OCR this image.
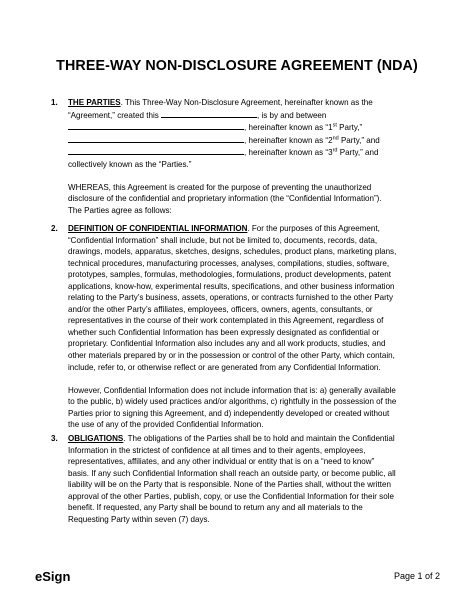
THREE-WAY NON-DISCLOSURE AGREEMENT (NDA)
1. THE PARTIES. This Three-Way Non-Disclosure Agreement, hereinafter known as the
“Agreement,” created this	, is by and between
, hereinafter known as “1st Party,”
, hereinafter known as “2nd Party,” and
, hereinafter known as “3rd Party,” and
collectively known as the “Parties.”
WHEREAS, this Agreement is created for the purpose of preventing the unauthorized
disclosure of the confidential and proprietary information (the “Confidential Information”).
The Parties agree as follows:
2. DEFINITION OF CONFIDENTIAL INFORMATION. For the purposes of this Agreement,
“Confidential Information” shall include, but not be limited to, documents, records, data,
drawings, models, apparatus, sketches, designs, schedules, product plans, marketing plans,
technical procedures, manufacturing processes, analyses, compilations, studies, software,
prototypes, samples, formulas, methodologies, formulations, product developments, patent
applications, know-how, experimental results, specifications, and other business information
relating to the Party’s business, assets, operations, or contracts furnished to the other Party
and/or the other Party’s affiliates, employees, officers, owners, agents, consultants, or
representatives in the course of their work contemplated in this Agreement, regardless of
whether such Confidential Information has been expressly designated as confidential or
proprietary. Confidential Information also includes any and all work products, studies, and
other materials prepared by or in the possession or control of the other Party, which contain,
include, refer to, or otherwise reflect or are generated from any Confidential Information.
However, Confidential Information does not include information that is: a) generally available
to the public, b) widely used practices and/or algorithms, c) rightfully in the possession of the
Parties prior to signing this Agreement, and d) independently developed or created without
the use of any of the provided Confidential Information.
3. OBLIGATIONS. The obligations of the Parties shall be to hold and maintain the Confidential
Information in the strictest of confidence at all times and to their agents, employees,
representatives, affiliates, and any other individual or entity that is on a “need to know”
basis. If any such Confidential Information shall reach an outside party, or become public, all
liability will be on the Party that is responsible. None of the Parties shall, without the written
approval of the other Parties, publish, copy, or use the Confidential Information for their sole
benefit. If requested, any Party shall be bound to return any and all materials to the
Requesting Party within seven (7) days.
eSign	Page 1 of 2
